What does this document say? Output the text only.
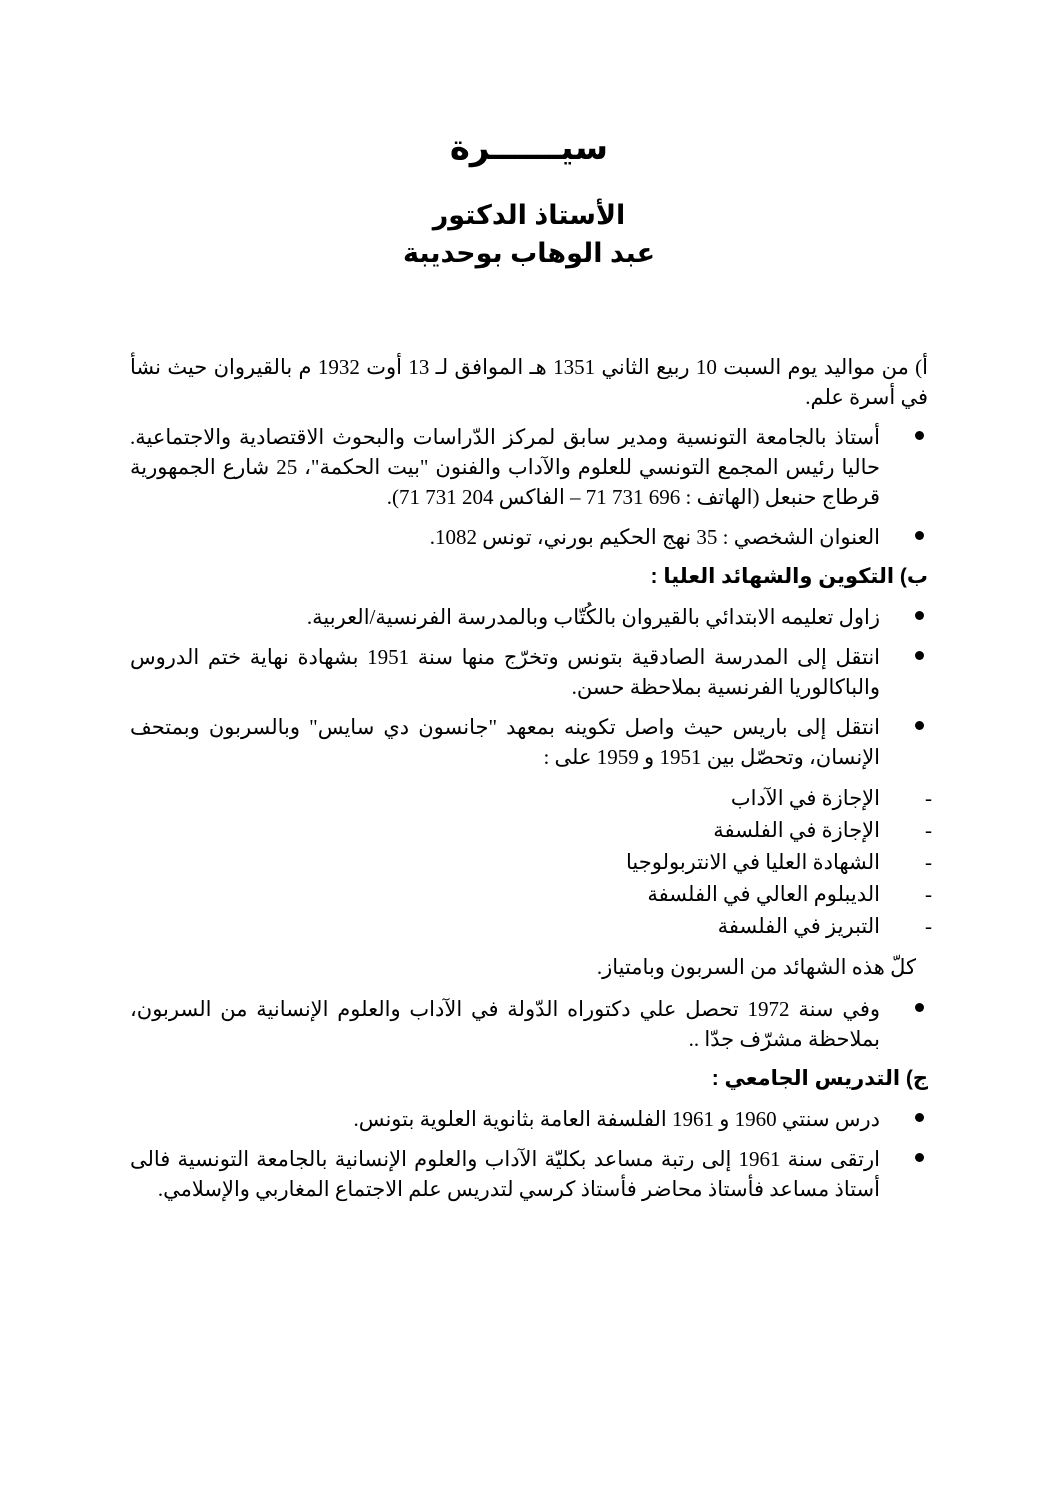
سيــــــرة
الأستاذ الدكتور
عبد الوهاب بوحديبة

أ) من مواليد يوم السبت 10 ربيع الثاني 1351 هـ الموافق لـ 13 أوت 1932 م بالقيروان حيث نشأ في أسرة علم.

أستاذ بالجامعة التونسية ومدير سابق لمركز الدّراسات والبحوث الاقتصادية والاجتماعية. حاليا رئيس المجمع التونسي للعلوم والآداب والفنون "بيت الحكمة"، 25 شارع الجمهورية قرطاج حنبعل (الهاتف : 696 731 71 – الفاكس 204 731 71).
العنوان الشخصي : 35 نهج الحكيم بورني، تونس 1082.
ب) التكوين والشهائد العليا :
زاول تعليمه الابتدائي بالقيروان بالكُتّاب وبالمدرسة الفرنسية/العربية.
انتقل إلى المدرسة الصادقية بتونس وتخرّج منها سنة 1951 بشهادة نهاية ختم الدروس والباكالوريا الفرنسية بملاحظة حسن.
انتقل إلى باريس حيث واصل تكوينه بمعهد "جانسون دي سايس" وبالسربون وبمتحف الإنسان، وتحصّل بين 1951 و 1959 على :
-
الإجازة في الآداب
-
الإجازة في الفلسفة
-
الشهادة العليا في الانتربولوجيا
-
الديبلوم العالي في الفلسفة
-
التبريز في الفلسفة

كلّ هذه الشهائد من السربون وبامتياز.

وفي سنة 1972 تحصل علي دكتوراه الدّولة في الآداب والعلوم الإنسانية من السربون، بملاحظة مشرّف جدّا ..
ج) التدريس الجامعي :
درس سنتي 1960 و 1961 الفلسفة العامة بثانوية العلوية بتونس.
ارتقى سنة 1961 إلى رتبة مساعد بكليّة الآداب والعلوم الإنسانية بالجامعة التونسية فالى أستاذ مساعد فأستاذ محاضر فأستاذ كرسي لتدريس علم الاجتماع المغاربي والإسلامي.
